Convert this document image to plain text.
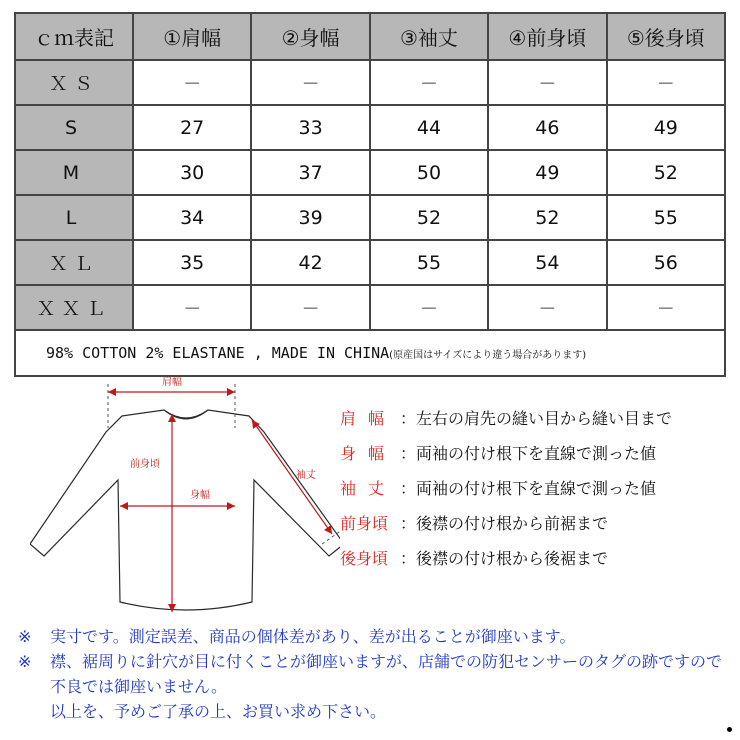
ｃｍ表記	①肩幅	②身幅	③袖丈	④前身頃	⑤後身頃
ＸＳ	－	－	－	－	－
S	27	33	44	46	49
M	30	37	50	49	52
L	34	39	52	52	55
ＸＬ	35	42	55	54	56
ＸＸＬ	－	－	－	－	－
98% COTTON 2% ELASTANE , MADE IN CHINA(原産国はサイズにより違う場合があります)					
肩幅
前身頃
身幅
袖丈
肩幅 ：左右の肩先の縫い目から縫い目まで
身幅 ：両袖の付け根下を直線で測った値
袖丈 ：両袖の付け根下を直線で測った値
前身頃 ：後襟の付け根から前裾まで
後身頃 ：後襟の付け根から後裾まで
※	実寸です。測定誤差、商品の個体差があり、差が出ることが御座います。
※	襟、裾周りに針穴が目に付くことが御座いますが、店舗での防犯センサーのタグの跡ですので不良では御座いません。
以上を、予めご了承の上、お買い求め下さい。
